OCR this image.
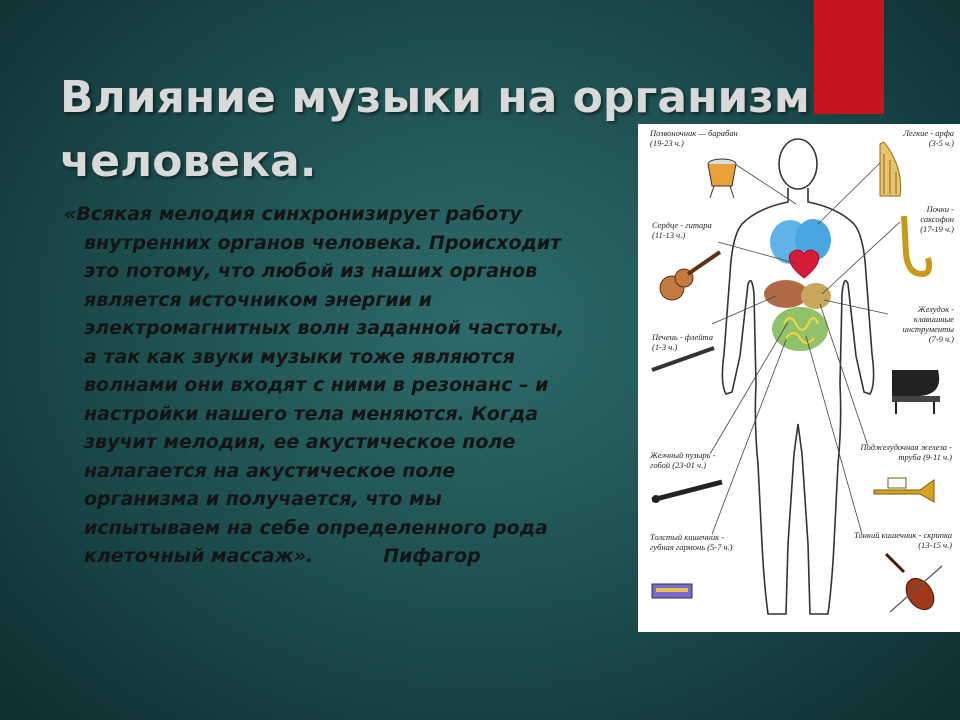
Влияние музыки на организм
человека.
«Всякая мелодия синхронизирует работу
внутренних органов человека. Происходит
это потому, что любой из наших органов
является источником энергии и
электромагнитных волн заданной частоты,
а так как звуки музыки тоже являются
волнами они входят с ними в резонанс – и
настройки нашего тела меняются. Когда
звучит мелодия, ее акустическое поле
налагается на акустическое поле
организма и получается, что мы
испытываем на себе определенного рода
клеточный массаж».	Пифагор
Позвоночник — барабан
(19-23 ч.)
Легкие - арфа
(3-5 ч.)
Почки -
саксофон
(17-19 ч.)
Сердце - гитара
(11-13 ч.)
Желудок -
клавишные
инструменты
(7-9 ч.)
Печень - флейта
(1-3 ч.)
Желчный пузырь -
гобой (23-01 ч.)
Поджелудочная железа -
труба (9-11 ч.)
Толстый кишечник -
губная гармонь (5-7 ч.)
Тонкий кишечник - скрипка
(13-15 ч.)
